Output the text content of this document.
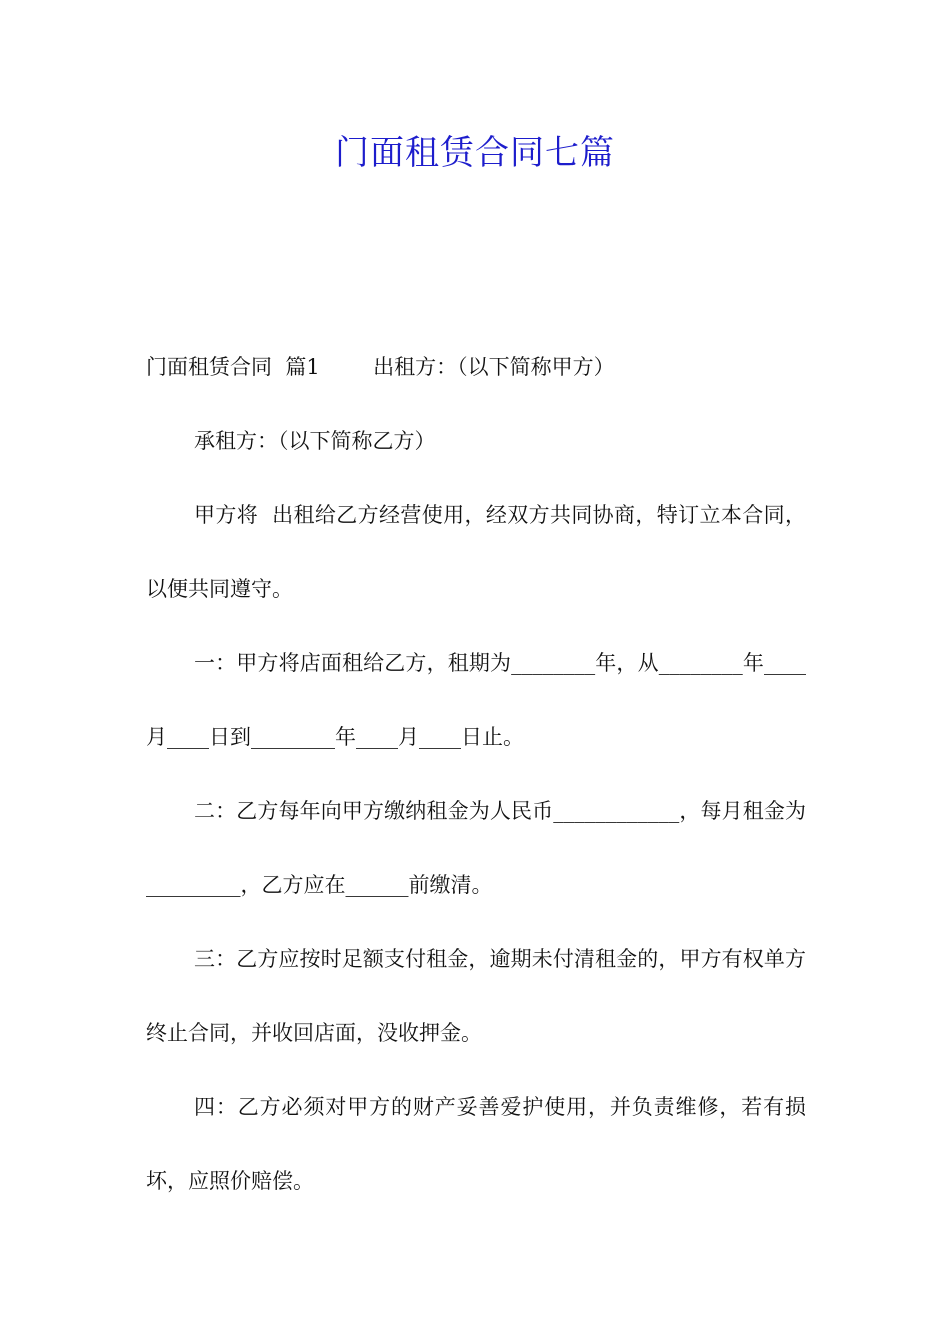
门面租赁合同七篇

门面租赁合同  篇1        出租方：（以下简称甲方）

承租方：（以下简称乙方）

甲方将  出租给乙方经营使用，经双方共同协商，特订立本合同，以便共同遵守。

一：甲方将店面租给乙方，租期为________年，从________年____月____日到________年____月____日止。

二：乙方每年向甲方缴纳租金为人民币____________，每月租金为_________，乙方应在______前缴清。

三：乙方应按时足额支付租金，逾期未付清租金的，甲方有权单方终止合同，并收回店面，没收押金。

四：乙方必须对甲方的财产妥善爱护使用，并负责维修，若有损坏，应照价赔偿。
